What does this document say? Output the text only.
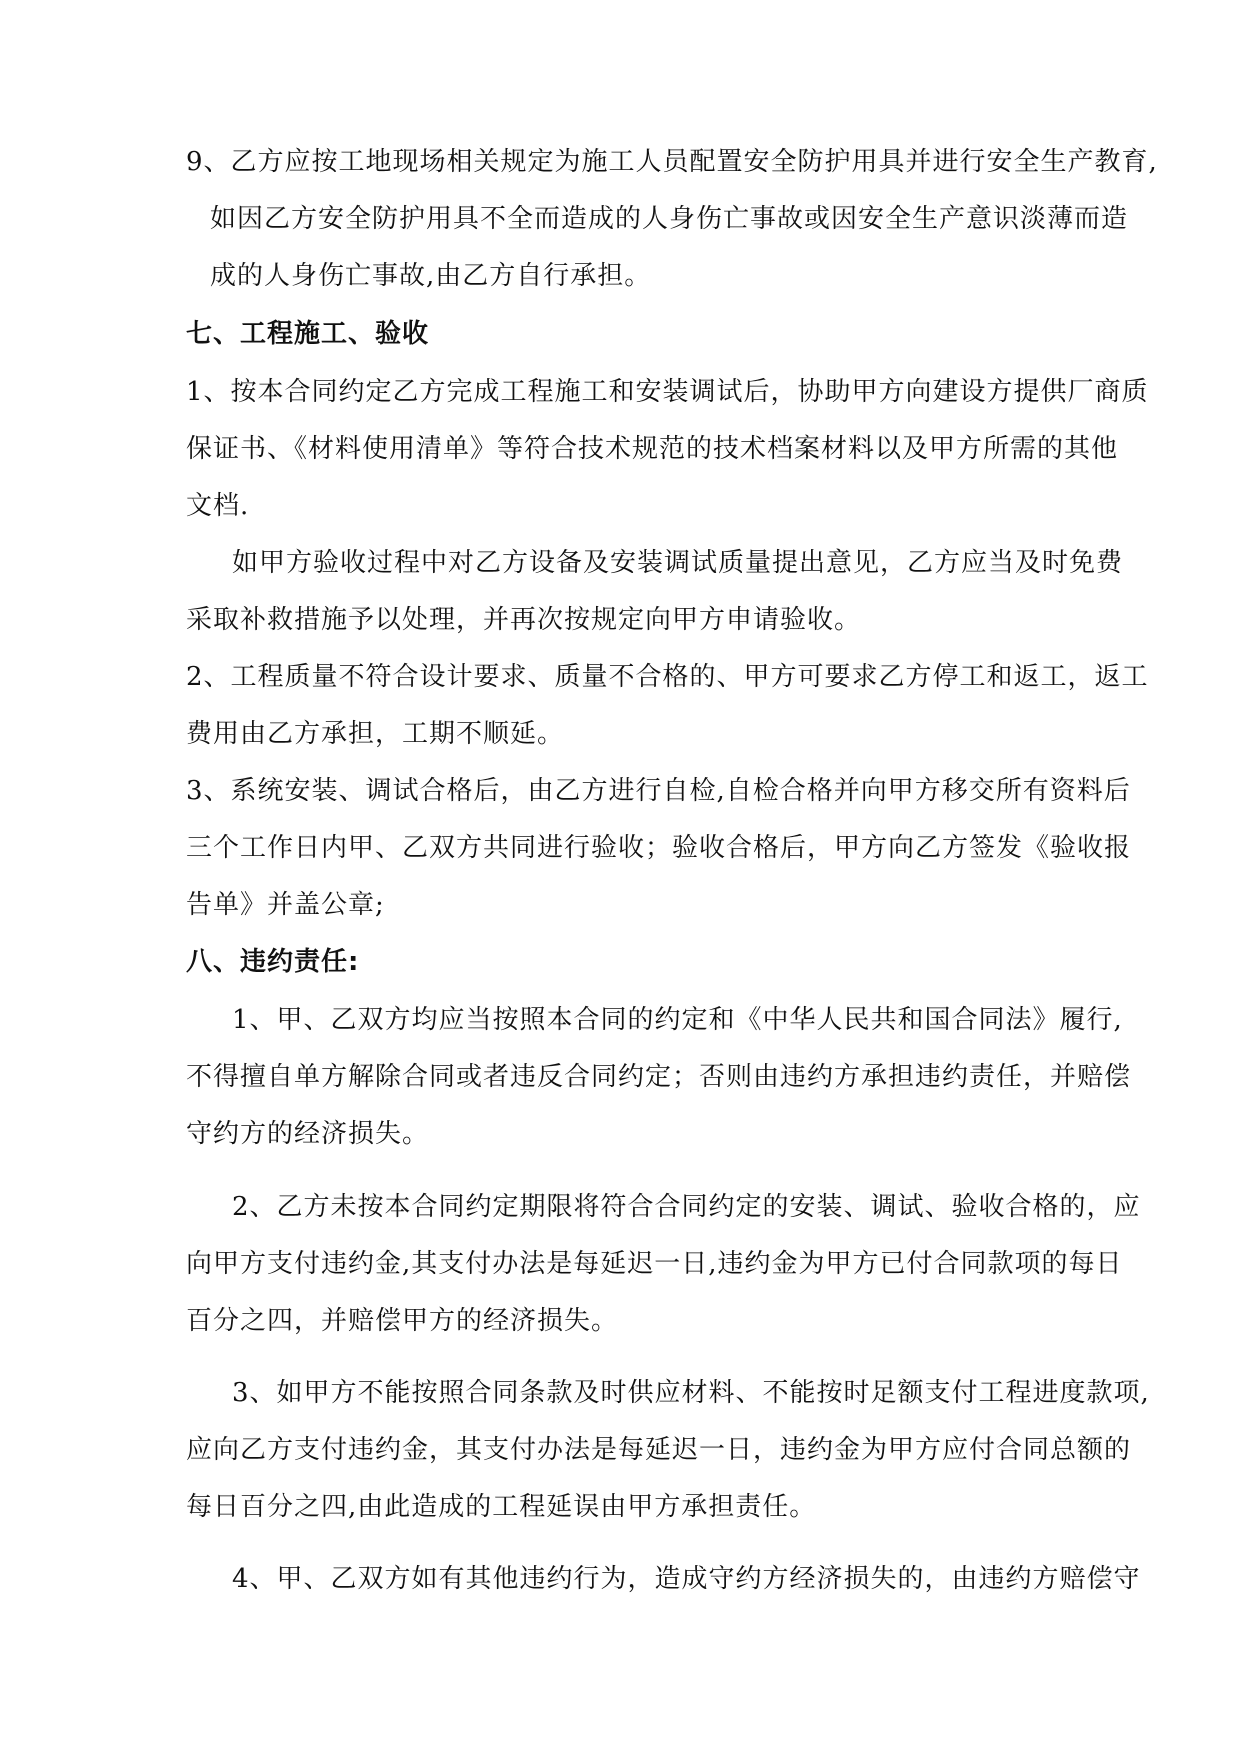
9、乙方应按工地现场相关规定为施工人员配置安全防护用具并进行安全生产教育,
如因乙方安全防护用具不全而造成的人身伤亡事故或因安全生产意识淡薄而造
成的人身伤亡事故,由乙方自行承担。
七、工程施工、验收
1、按本合同约定乙方完成工程施工和安装调试后，协助甲方向建设方提供厂商质
保证书、《材料使用清单》等符合技术规范的技术档案材料以及甲方所需的其他
文档.
如甲方验收过程中对乙方设备及安装调试质量提出意见，乙方应当及时免费
采取补救措施予以处理，并再次按规定向甲方申请验收。
2、工程质量不符合设计要求、质量不合格的、甲方可要求乙方停工和返工，返工
费用由乙方承担，工期不顺延。
3、系统安装、调试合格后，由乙方进行自检,自检合格并向甲方移交所有资料后
三个工作日内甲、乙双方共同进行验收；验收合格后，甲方向乙方签发《验收报
告单》并盖公章;
八、违约责任:
1、甲、乙双方均应当按照本合同的约定和《中华人民共和国合同法》履行,
不得擅自单方解除合同或者违反合同约定；否则由违约方承担违约责任，并赔偿
守约方的经济损失。
2、乙方未按本合同约定期限将符合合同约定的安装、调试、验收合格的，应
向甲方支付违约金,其支付办法是每延迟一日,违约金为甲方已付合同款项的每日
百分之四，并赔偿甲方的经济损失。
3、如甲方不能按照合同条款及时供应材料、不能按时足额支付工程进度款项,
应向乙方支付违约金，其支付办法是每延迟一日，违约金为甲方应付合同总额的
每日百分之四,由此造成的工程延误由甲方承担责任。
4、甲、乙双方如有其他违约行为，造成守约方经济损失的，由违约方赔偿守
